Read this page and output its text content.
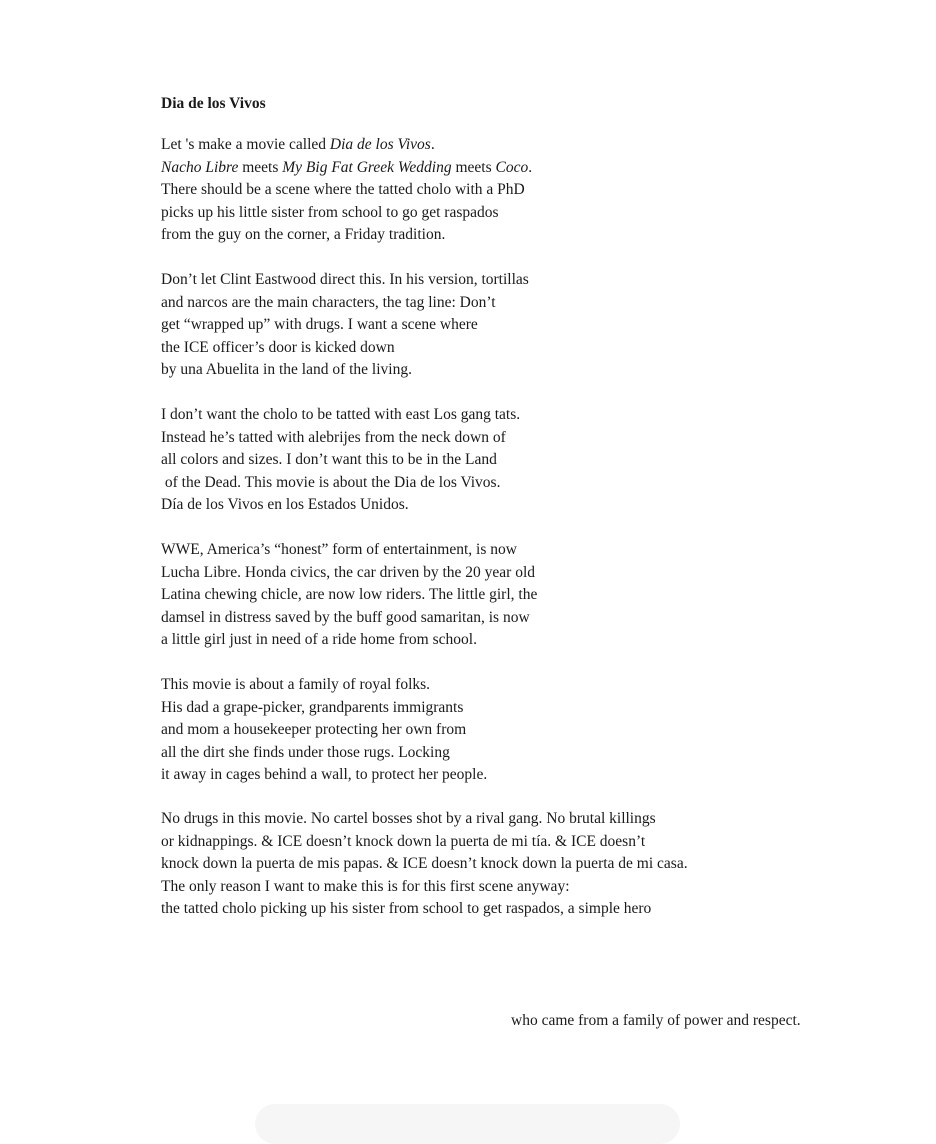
Dia de los Vivos

Let 's make a movie called Dia de los Vivos.
Nacho Libre meets My Big Fat Greek Wedding meets Coco.
There should be a scene where the tatted cholo with a PhD
picks up his little sister from school to go get raspados
from the guy on the corner, a Friday tradition.

Don’t let Clint Eastwood direct this. In his version, tortillas
and narcos are the main characters, the tag line: Don’t
get “wrapped up” with drugs. I want a scene where
the ICE officer’s door is kicked down
by una Abuelita in the land of the living.

I don’t want the cholo to be tatted with east Los gang tats.
Instead he’s tatted with alebrijes from the neck down of
all colors and sizes. I don’t want this to be in the Land
of the Dead. This movie is about the Dia de los Vivos.
Día de los Vivos en los Estados Unidos.

WWE, America’s “honest” form of entertainment, is now
Lucha Libre. Honda civics, the car driven by the 20 year old
Latina chewing chicle, are now low riders. The little girl, the
damsel in distress saved by the buff good samaritan, is now
a little girl just in need of a ride home from school.

This movie is about a family of royal folks.
His dad a grape-picker, grandparents immigrants
and mom a housekeeper protecting her own from
all the dirt she finds under those rugs. Locking
it away in cages behind a wall, to protect her people.

No drugs in this movie. No cartel bosses shot by a rival gang. No brutal killings
or kidnappings. & ICE doesn’t knock down la puerta de mi tía. & ICE doesn’t
knock down la puerta de mis papas. & ICE doesn’t knock down la puerta de mi casa.
The only reason I want to make this is for this first scene anyway:
the tatted cholo picking up his sister from school to get raspados, a simple hero

who came from a family of power and respect.
